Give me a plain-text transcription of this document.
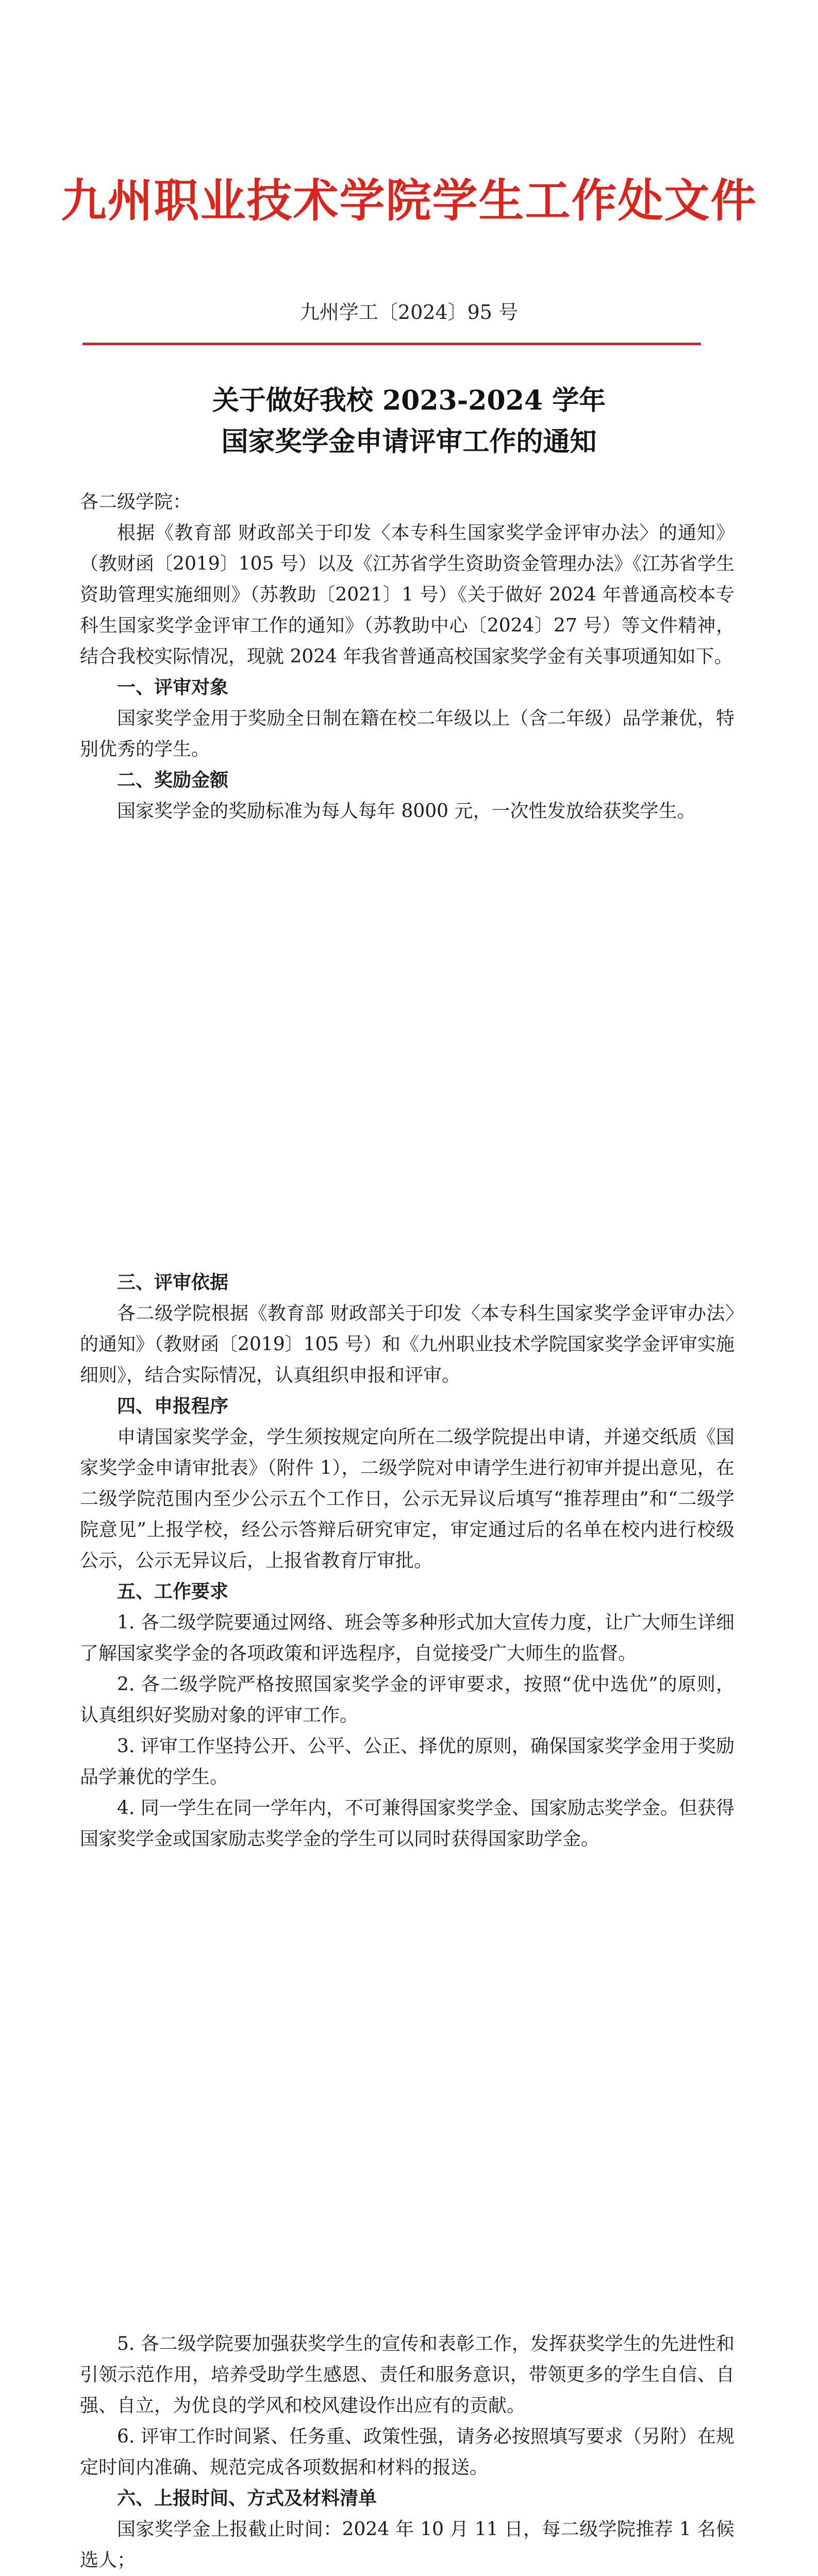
九州职业技术学院学生工作处文件
九州学工〔2024〕95 号
关于做好我校 2023-2024 学年
国家奖学金申请评审工作的通知

各二级学院：

根据《教育部 财政部关于印发〈本专科生国家奖学金评审办法〉的通知》（教财函〔2019〕105 号）以及《江苏省学生资助资金管理办法》《江苏省学生资助管理实施细则》（苏教助〔2021〕1 号）《关于做好 2024 年普通高校本专科生国家奖学金评审工作的通知》（苏教助中心〔2024〕27 号）等文件精神，结合我校实际情况，现就 2024 年我省普通高校国家奖学金有关事项通知如下。

一、评审对象

国家奖学金用于奖励全日制在籍在校二年级以上（含二年级）品学兼优，特别优秀的学生。

二、奖励金额

国家奖学金的奖励标准为每人每年 8000 元，一次性发放给获奖学生。

三、评审依据

各二级学院根据《教育部 财政部关于印发〈本专科生国家奖学金评审办法〉的通知》（教财函〔2019〕105 号）和《九州职业技术学院国家奖学金评审实施细则》，结合实际情况，认真组织申报和评审。

四、申报程序

申请国家奖学金，学生须按规定向所在二级学院提出申请，并递交纸质《国家奖学金申请审批表》（附件 1），二级学院对申请学生进行初审并提出意见，在二级学院范围内至少公示五个工作日，公示无异议后填写“推荐理由”和“二级学院意见”上报学校，经公示答辩后研究审定，审定通过后的名单在校内进行校级公示，公示无异议后，上报省教育厅审批。

五、工作要求

1. 各二级学院要通过网络、班会等多种形式加大宣传力度，让广大师生详细了解国家奖学金的各项政策和评选程序，自觉接受广大师生的监督。

2. 各二级学院严格按照国家奖学金的评审要求，按照“优中选优”的原则，认真组织好奖励对象的评审工作。

3. 评审工作坚持公开、公平、公正、择优的原则，确保国家奖学金用于奖励品学兼优的学生。

4. 同一学生在同一学年内，不可兼得国家奖学金、国家励志奖学金。但获得国家奖学金或国家励志奖学金的学生可以同时获得国家助学金。

5. 各二级学院要加强获奖学生的宣传和表彰工作，发挥获奖学生的先进性和引领示范作用，培养受助学生感恩、责任和服务意识，带领更多的学生自信、自强、自立，为优良的学风和校风建设作出应有的贡献。

6. 评审工作时间紧、任务重、政策性强，请务必按照填写要求（另附）在规定时间内准确、规范完成各项数据和材料的报送。

六、上报时间、方式及材料清单

国家奖学金上报截止时间：2024 年 10 月 11 日，每二级学院推荐 1 名候选人；
